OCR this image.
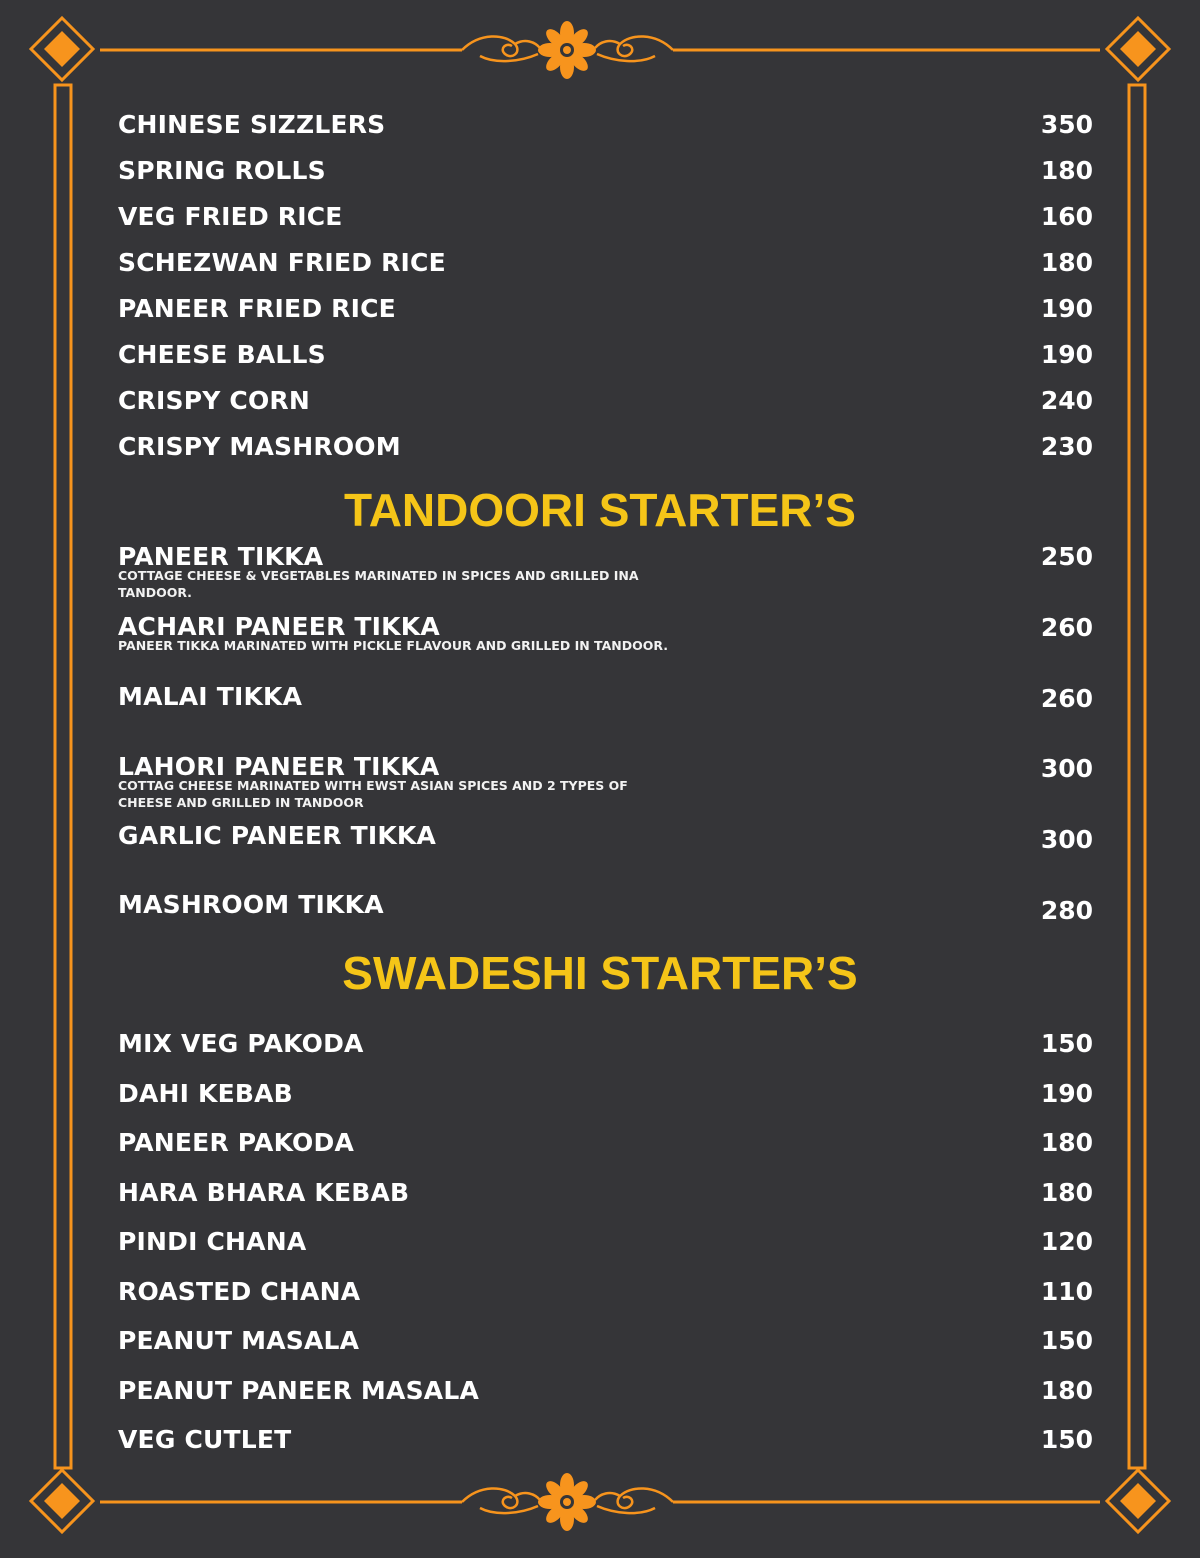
CHINESE SIZZLERS	350
SPRING ROLLS	180
VEG FRIED RICE	160
SCHEZWAN FRIED RICE	180
PANEER FRIED RICE	190
CHEESE BALLS	190
CRISPY CORN	240
CRISPY MASHROOM	230
TANDOORI STARTER’S
PANEER TIKKA	250
COTTAGE CHEESE & VEGETABLES MARINATED IN SPICES AND GRILLED INA TANDOOR.
ACHARI PANEER TIKKA	260
PANEER TIKKA MARINATED WITH PICKLE FLAVOUR AND GRILLED IN TANDOOR.
MALAI TIKKA	260
LAHORI PANEER TIKKA	300
COTTAG CHEESE MARINATED WITH EWST ASIAN SPICES AND 2 TYPES OF CHEESE AND GRILLED IN TANDOOR
GARLIC PANEER TIKKA	300
MASHROOM TIKKA	280
SWADESHI STARTER’S
MIX VEG PAKODA	150
DAHI KEBAB	190
PANEER PAKODA	180
HARA BHARA KEBAB	180
PINDI CHANA	120
ROASTED CHANA	110
PEANUT MASALA	150
PEANUT PANEER MASALA	180
VEG CUTLET	150
